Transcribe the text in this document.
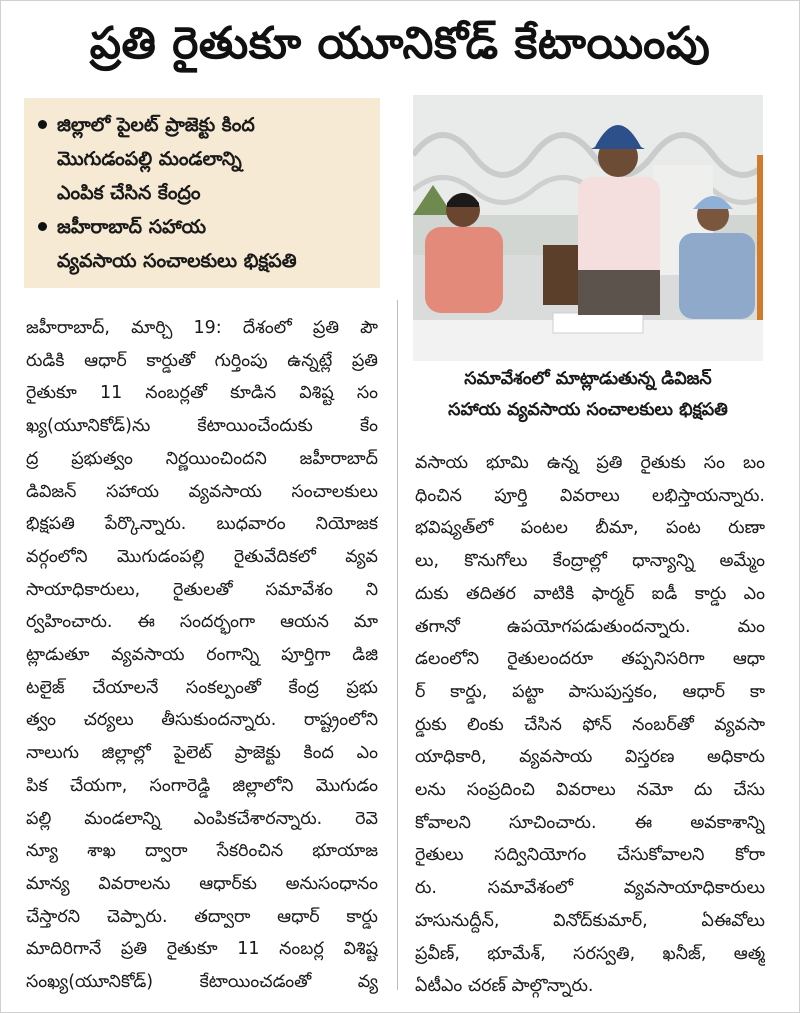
ప్రతి రైతుకూ యూనికోడ్ కేటాయింపు
జిల్లాలో పైలట్ ప్రాజెక్టు కింద
మొగుడంపల్లి మండలాన్ని
ఎంపిక చేసిన కేంద్రం
జహీరాబాద్ సహాయ
వ్యవసాయ సంచాలకులు భిక్షపతి
సమావేశంలో మాట్లాడుతున్న డివిజన్
సహాయ వ్యవసాయ సంచాలకులు భిక్షపతి
జహీరాబాద్, మార్చి 19: దేశంలో ప్రతి పౌ
రుడికి ఆధార్ కార్డుతో గుర్తింపు ఉన్నట్లే ప్రతి
రైతుకూ 11 నంబర్లతో కూడిన విశిష్ట సం
ఖ్య(యూనికోడ్)ను కేటాయించేందుకు కేం
ద్ర ప్రభుత్వం నిర్ణయించిందని జహీరాబాద్
డివిజన్ సహాయ వ్యవసాయ సంచాలకులు
భిక్షపతి పేర్కొన్నారు. బుధవారం నియోజక
వర్గంలోని మొగుడంపల్లి రైతువేదికలో వ్యవ
సాయాధికారులు, రైతులతో సమావేశం ని
ర్వహించారు. ఈ సందర్భంగా ఆయన మా
ట్లాడుతూ వ్యవసాయ రంగాన్ని పూర్తిగా డిజి
టలైజ్ చేయాలనే సంకల్పంతో కేంద్ర ప్రభు
త్వం చర్యలు తీసుకుందన్నారు. రాష్ట్రంలోని
నాలుగు జిల్లాల్లో పైలెట్ ప్రాజెక్టు కింద ఎం
పిక చేయగా, సంగారెడ్డి జిల్లాలోని మొగుడం
పల్లి మండలాన్ని ఎంపికచేశారన్నారు. రెవె
న్యూ శాఖ ద్వారా సేకరించిన భూయాజ
మాన్య వివరాలను ఆధార్‌కు అనుసంధానం
చేస్తారని చెప్పారు. తద్వారా ఆధార్ కార్డు
మాదిరిగానే ప్రతి రైతుకూ 11 నంబర్ల విశిష్ట
సంఖ్య(యూనికోడ్) కేటాయించడంతో వ్య
వసాయ భూమి ఉన్న ప్రతి రైతుకు సం బం
ధించిన పూర్తి వివరాలు లభిస్తాయన్నారు.
భవిష్యత్‌లో పంటల బీమా, పంట రుణా
లు, కొనుగోలు కేంద్రాల్లో ధాన్యాన్ని అమ్మేం
దుకు తదితర వాటికి ఫార్మర్ ఐడీ కార్డు ఎం
తగానో ఉపయోగపడుతుందన్నారు. మం
డలంలోని రైతులందరూ తప్పనిసరిగా ఆధా
ర్ కార్డు, పట్టా పాసుపుస్తకం, ఆధార్ కా
ర్డుకు లింకు చేసిన ఫోన్ నంబర్‌తో వ్యవసా
యాధికారి, వ్యవసాయ విస్తరణ అధికారు
లను సంప్రదించి వివరాలు నమో దు చేసు
కోవాలని సూచించారు. ఈ అవకాశాన్ని
రైతులు సద్వినియోగం చేసుకోవాలని కోరా
రు. సమావేశంలో వ్యవసాయాధికారులు
హసునుద్దీన్, వినోద్‌కుమార్, ఏఈవోలు
ప్రవీణ్, భూమేశ్, సరస్వతి, ఖనీజ్, ఆత్మ
ఏటీఎం చరణ్ పాల్గొన్నారు.
